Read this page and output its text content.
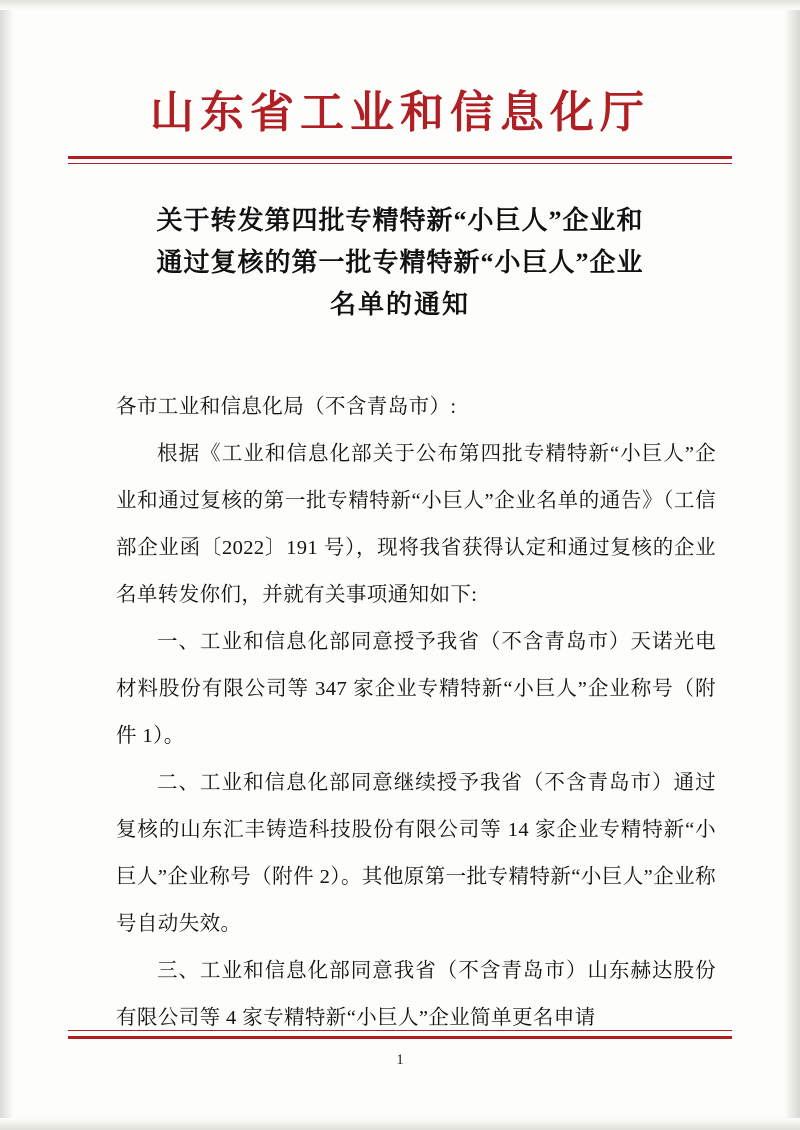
山东省工业和信息化厅
关于转发第四批专精特新“小巨人”企业和
通过复核的第一批专精特新“小巨人”企业
名单的通知

各市工业和信息化局（不含青岛市）:

根据《工业和信息化部关于公布第四批专精特新“小巨人”企业和通过复核的第一批专精特新“小巨人”企业名单的通告》（工信部企业函〔2022〕191 号），现将我省获得认定和通过复核的企业名单转发你们，并就有关事项通知如下:

一、工业和信息化部同意授予我省（不含青岛市）天诺光电材料股份有限公司等 347 家企业专精特新“小巨人”企业称号（附件 1）。

二、工业和信息化部同意继续授予我省（不含青岛市）通过复核的山东汇丰铸造科技股份有限公司等 14 家企业专精特新“小巨人”企业称号（附件 2）。其他原第一批专精特新“小巨人”企业称号自动失效。

三、工业和信息化部同意我省（不含青岛市）山东赫达股份有限公司等 4 家专精特新“小巨人”企业简单更名申请

1
